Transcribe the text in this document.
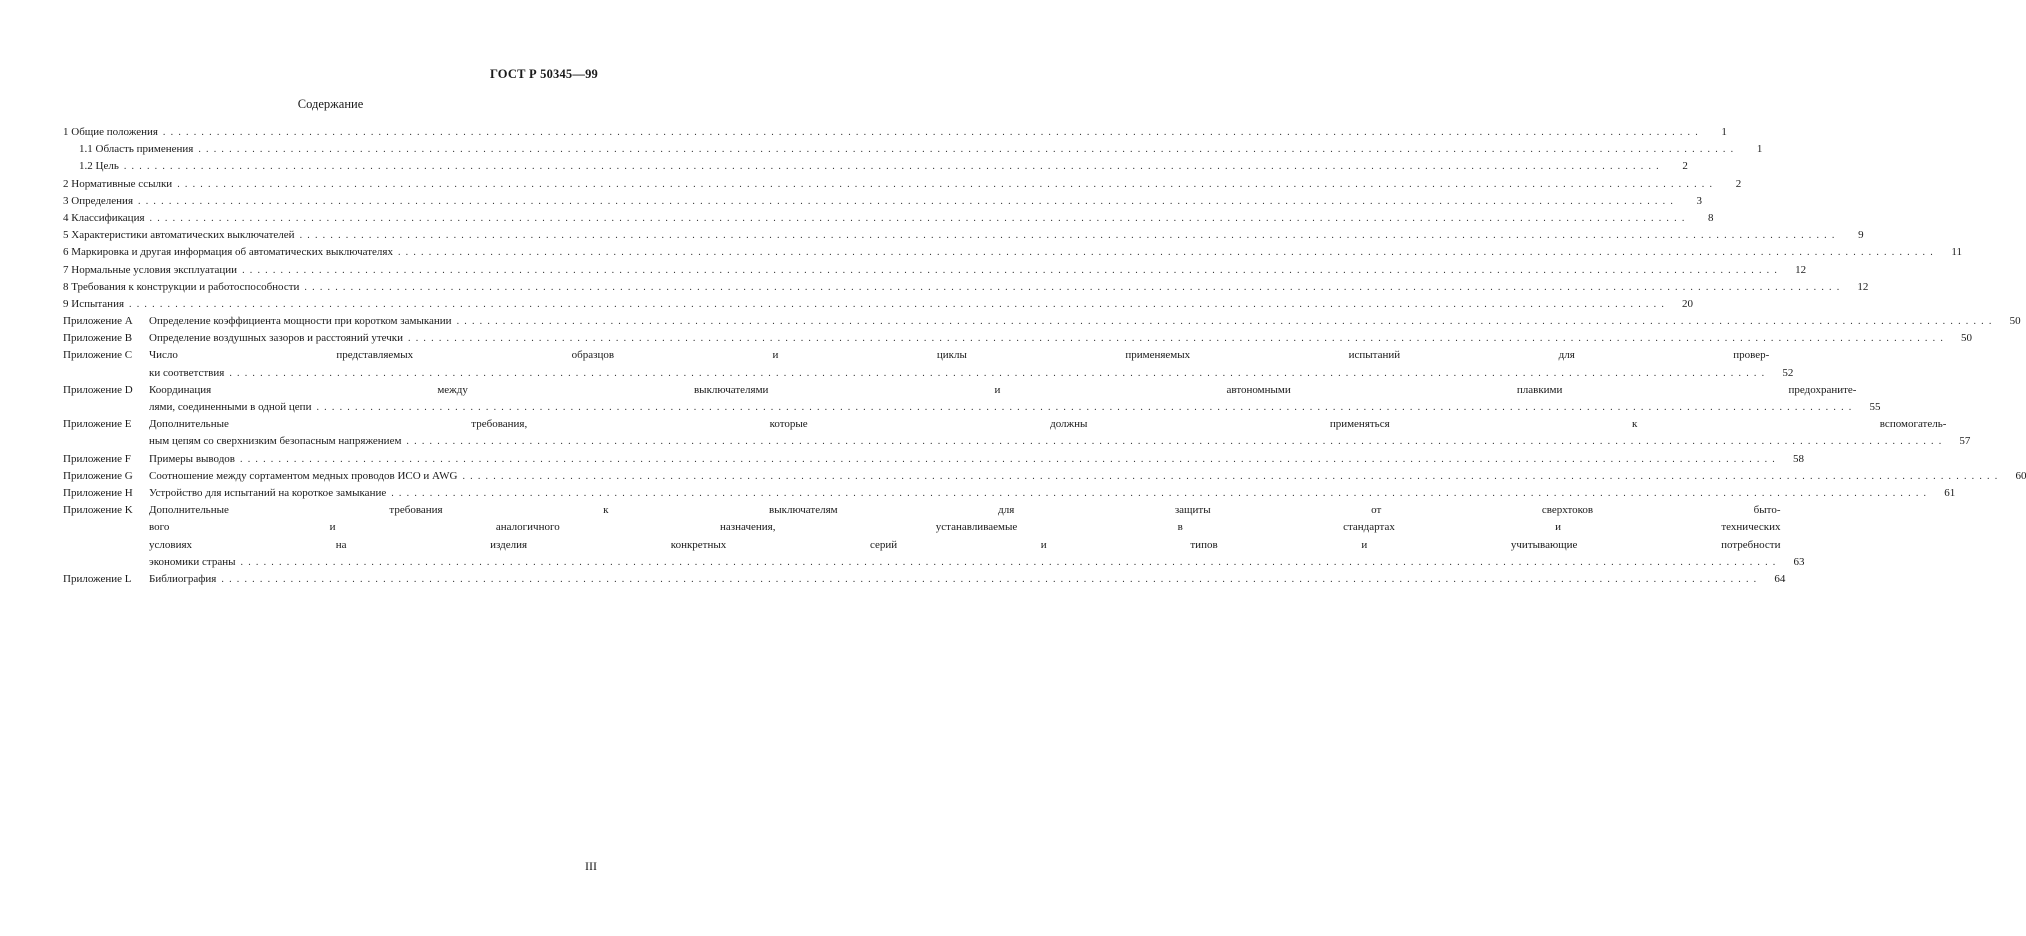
ГОСТ Р 50345—99
Содержание
1 Общие положения ........................................................................................................................................................................................................	1
1.1 Область применения ........................................................................................................................................................................................................	1
1.2 Цель ........................................................................................................................................................................................................	2
2 Нормативные ссылки ........................................................................................................................................................................................................	2
3 Определения ........................................................................................................................................................................................................	3
4 Классификация ........................................................................................................................................................................................................	8
5 Характеристики автоматических выключателей ........................................................................................................................................................................................................	9
6 Маркировка и другая информация об автоматических выключателях ........................................................................................................................................................................................................	11
7 Нормальные условия эксплуатации ........................................................................................................................................................................................................	12
8 Требования к конструкции и работоспособности ........................................................................................................................................................................................................	12
9 Испытания ........................................................................................................................................................................................................	20
Приложение A	Определение коэффициента мощности при коротком замыкании ........................................................................................................................................................................................................	50
Приложение B	Определение воздушных зазоров и расстояний утечки ........................................................................................................................................................................................................	50
Приложение C	Число представляемых образцов и циклы применяемых испытаний для провер-
ки соответствия ........................................................................................................................................................................................................	52
Приложение D	Координация между выключателями и автономными плавкими предохраните-
лями, соединенными в одной цепи ........................................................................................................................................................................................................	55
Приложение E	Дополнительные требования, которые должны применяться к вспомогатель-
ным цепям со сверхнизким безопасным напряжением ........................................................................................................................................................................................................	57
Приложение F	Примеры выводов ........................................................................................................................................................................................................	58
Приложение G	Соотношение между сортаментом медных проводов ИСО и AWG ........................................................................................................................................................................................................	60
Приложение H	Устройство для испытаний на короткое замыкание ........................................................................................................................................................................................................	61
Приложение K	Дополнительные требования к выключателям для защиты от сверхтоков быто-
вого и аналогичного назначения, устанавливаемые в стандартах и технических
условиях на изделия конкретных серий и типов и учитывающие потребности
экономики страны ........................................................................................................................................................................................................	63
Приложение L	Библиография ........................................................................................................................................................................................................	64
III
